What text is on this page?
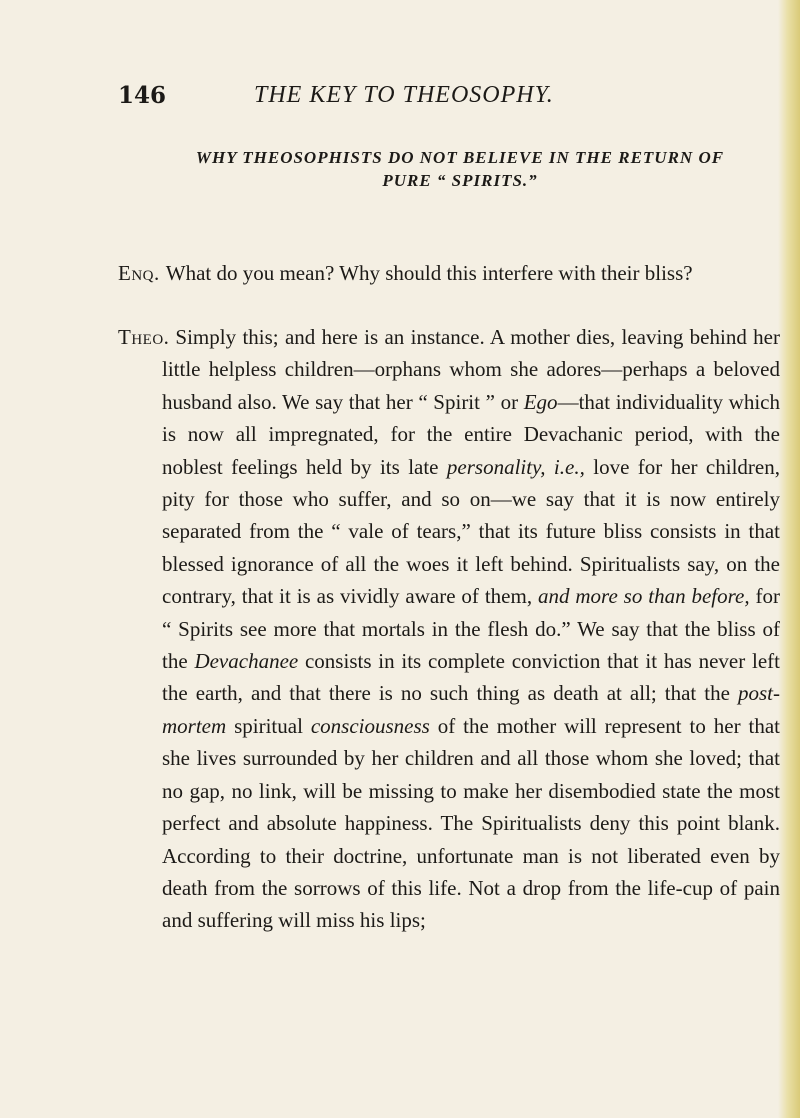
146	THE KEY TO THEOSOPHY.
WHY THEOSOPHISTS DO NOT BELIEVE IN THE RETURN OF
PURE “ SPIRITS.”

Enq. What do you mean? Why should this interfere with their bliss?

Theo. Simply this; and here is an instance. A mother dies, leaving behind her little helpless children—orphans whom she adores—perhaps a beloved husband also. We say that her “ Spirit ” or Ego—that individuality which is now all impregnated, for the entire Devachanic period, with the noblest feelings held by its late personality, i.e., love for her children, pity for those who suffer, and so on—we say that it is now entirely separated from the “ vale of tears,” that its future bliss consists in that blessed ignorance of all the woes it left behind. Spiritualists say, on the contrary, that it is as vividly aware of them, and more so than before, for “ Spirits see more that mortals in the flesh do.” We say that the bliss of the Devachanee consists in its complete conviction that it has never left the earth, and that there is no such thing as death at all; that the post-mortem spiritual consciousness of the mother will represent to her that she lives surrounded by her children and all those whom she loved; that no gap, no link, will be missing to make her disembodied state the most perfect and absolute happiness. The Spiritualists deny this point blank. According to their doctrine, unfortunate man is not liberated even by death from the sorrows of this life. Not a drop from the life-cup of pain and suffering will miss his lips;
